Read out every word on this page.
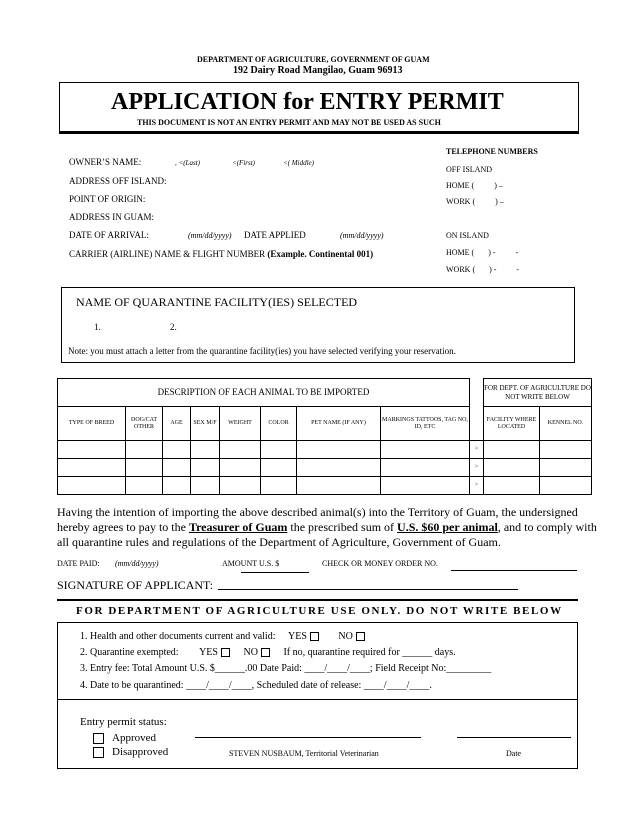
DEPARTMENT OF AGRICULTURE, GOVERNMENT OF GUAM
192 Dairy Road Mangilao, Guam 96913
APPLICATION for ENTRY PERMIT
THIS DOCUMENT IS NOT AN ENTRY PERMIT AND MAY NOT BE USED AS SUCH
OWNER’S NAME:	, <(Last)	<(First)	<( Middle)
ADDRESS OFF ISLAND:
POINT OF ORIGIN:
ADDRESS IN GUAM:
DATE OF ARRIVAL:	(mm/dd/yyyy) DATE APPLIED	(mm/dd/yyyy)
CARRIER (AIRLINE) NAME & FLIGHT NUMBER (Example. Continental 001)
TELEPHONE NUMBERS
OFF ISLAND
HOME (          ) –
WORK (          ) –
ON ISLAND
HOME (       ) -          -
WORK (       ) -          -
NAME OF QUARANTINE FACILITY(IES) SELECTED
1.	2.
Note: you must attach a letter from the quarantine facility(ies) you have selected verifying your reservation.
DESCRIPTION OF EACH ANIMAL TO BE IMPORTED									FOR DEPT. OF AGRICULTURE DO NOT WRITE BELOW	
TYPE OF BREED	DOG/CAT OTHER	AGE	SEX M/F	WEIGHT	COLOR	PET NAME (IF ANY)	MARKINGS TATTOOS, TAG NO, ID, ETC		FACILITY WHERE LOCATED	KENNEL NO.
								>		
								>		
								>		
Having the intention of importing the above described animal(s) into the Territory of Guam, the undersigned
hereby agrees to pay to the Treasurer of Guam the prescribed sum of U.S. $60 per animal, and to comply with
all quarantine rules and regulations of the Department of Agriculture, Government of Guam.
DATE PAID: (mm/dd/yyyy)	AMOUNT U.S. $	CHECK OR MONEY ORDER NO.
SIGNATURE OF APPLICANT:
FOR DEPARTMENT OF AGRICULTURE USE ONLY. DO NOT WRITE BELOW
1. Health and other documents current and valid: YES	NO
2. Quarantine exempted: YES	NO	If no, quarantine required for ______ days.
3. Entry fee: Total Amount U.S. $______.00 Date Paid: ____/____/____; Field Receipt No:_________
4. Date to be quarantined: ____/____/____, Scheduled date of release: ____/____/____.
Entry permit status:
Approved
Disapproved	STEVEN NUSBAUM, Territorial Veterinarian	Date
